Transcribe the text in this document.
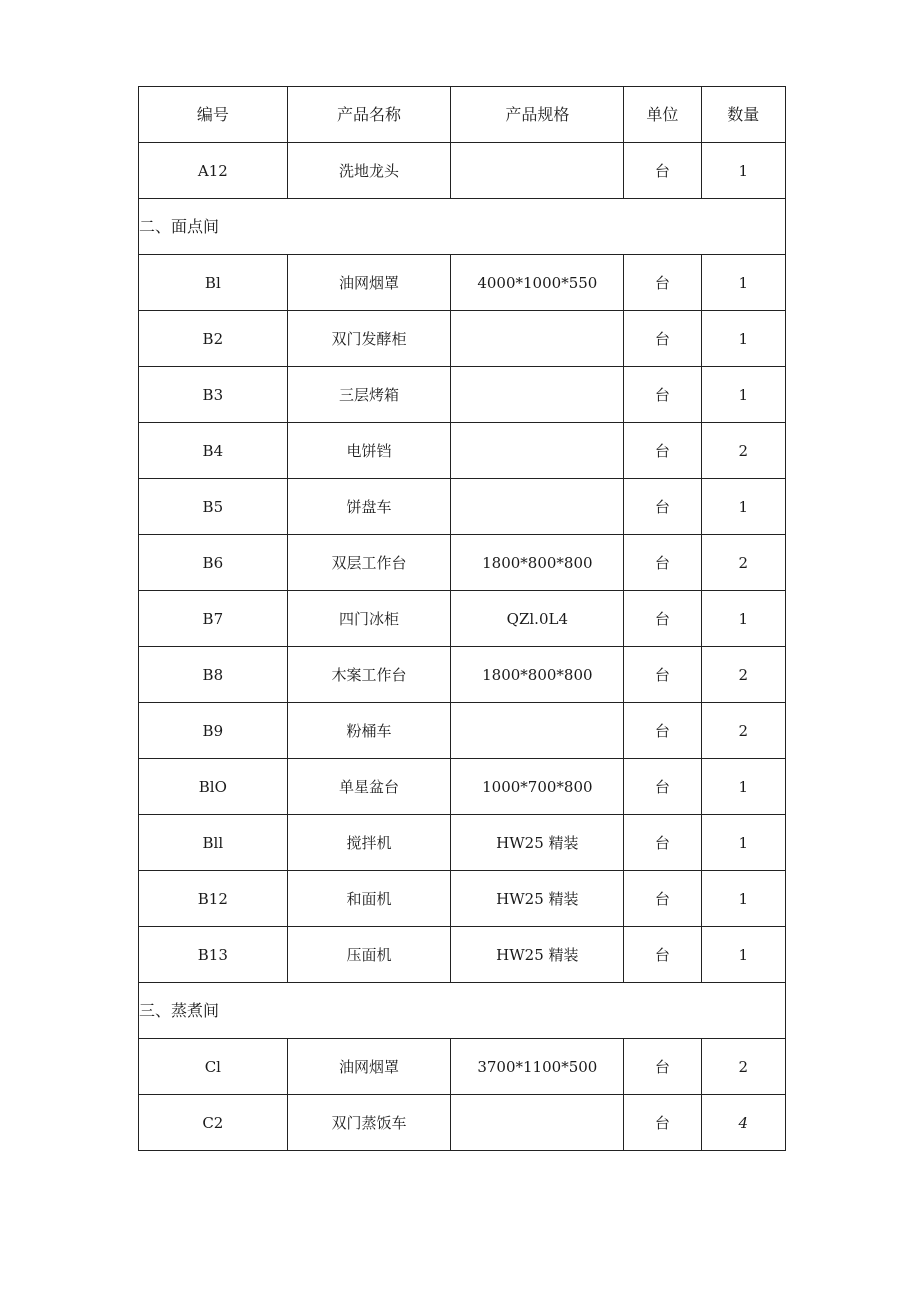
编号	产品名称	产品规格	单位	数量
A12	洗地龙头		台	1
二、面点间				
Bl	油网烟罩	4000*1000*550	台	1
B2	双门发酵柜		台	1
B3	三层烤箱		台	1
B4	电饼铛		台	2
B5	饼盘车		台	1
B6	双层工作台	1800*800*800	台	2
B7	四门冰柜	QZl.0L4	台	1
B8	木案工作台	1800*800*800	台	2
B9	粉桶车		台	2
BlO	单星盆台	1000*700*800	台	1
Bll	搅拌机	HW25 精装	台	1
B12	和面机	HW25 精装	台	1
B13	压面机	HW25 精装	台	1
三、蒸煮间				
Cl	油网烟罩	3700*1100*500	台	2
C2	双门蒸饭车		台	4
